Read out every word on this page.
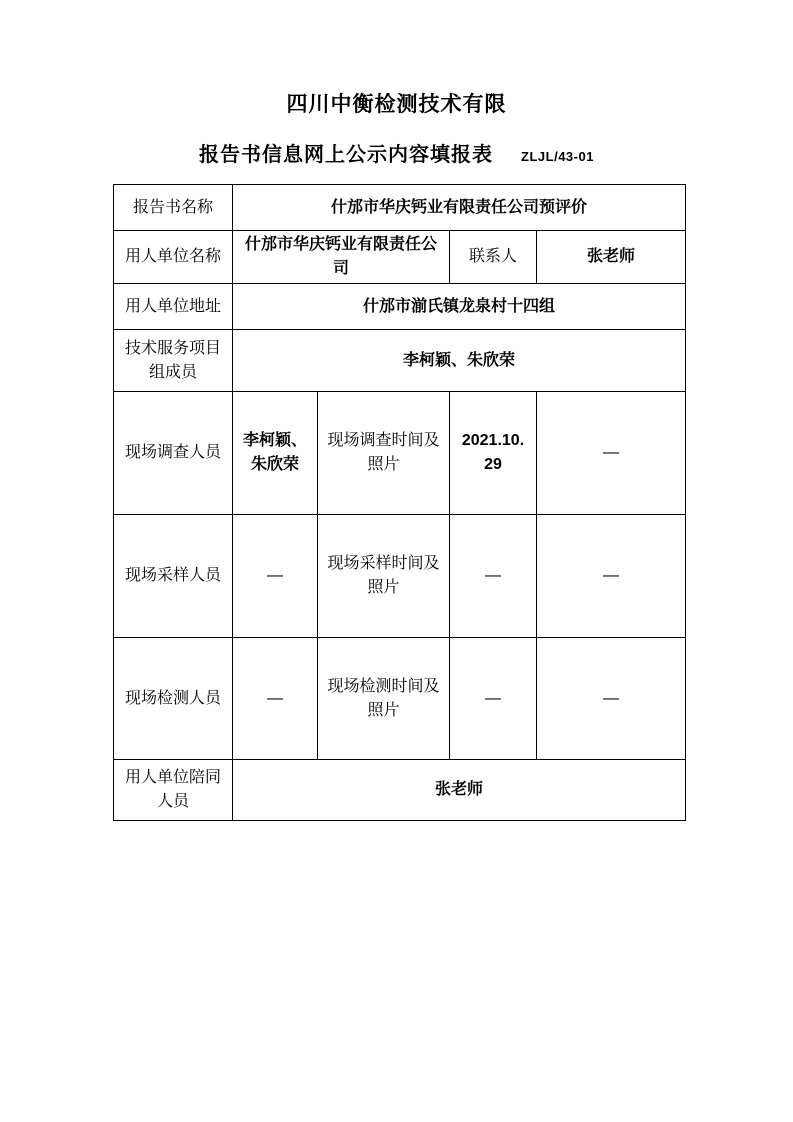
四川中衡检测技术有限
报告书信息网上公示内容填报表 ZLJL/43-01
报告书名称	什邡市华庆钙业有限责任公司预评价			
用人单位名称	什邡市华庆钙业有限责任公司		联系人	张老师
用人单位地址	什邡市湔氏镇龙泉村十四组			
技术服务项目组成员	李柯颖、朱欣荣			
现场调查人员	李柯颖、朱欣荣	现场调查时间及照片	2021.10.29	—
现场采样人员	—	现场采样时间及照片	—	—
现场检测人员	—	现场检测时间及照片	—	—
用人单位陪同人员	张老师			
